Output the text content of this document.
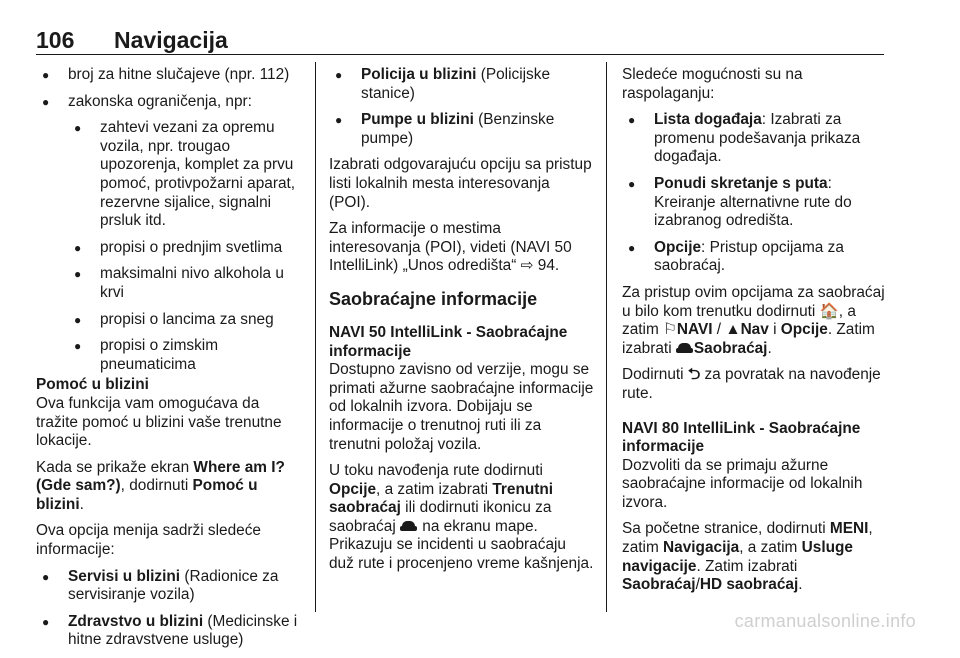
106 Navigacija
● broj za hitne slučajeve (npr. 112)
● zakonska ograničenja, npr:
● zahtevi vezani za opremu vozila, npr. trougao upozorenja, komplet za prvu pomoć, protivpožarni aparat, rezervne sijalice, signalni prsluk itd.
● propisi o prednjim svetlima
● maksimalni nivo alkohola u krvi
● propisi o lancima za sneg
● propisi o zimskim pneumaticima

Pomoć u blizini

Ova funkcija vam omogućava da tražite pomoć u blizini vaše trenutne lokacije.

Kada se prikaže ekran Where am I? (Gde sam?), dodirnuti Pomoć u blizini.

Ova opcija menija sadrži sledeće informacije:

● Servisi u blizini (Radionice za servisiranje vozila)
● Zdravstvo u blizini (Medicinske i hitne zdravstvene usluge)
● Policija u blizini (Policijske stanice)
● Pumpe u blizini (Benzinske pumpe)

Izabrati odgovarajuću opciju sa pristup listi lokalnih mesta interesovanja (POI).

Za informacije o mestima interesovanja (POI), videti (NAVI 50 IntelliLink) „Unos odredišta“ ⇨ 94.

Saobraćajne informacije

NAVI 50 IntelliLink - Saobraćajne informacije

Dostupno zavisno od verzije, mogu se primati ažurne saobraćajne informacije od lokalnih izvora. Dobijaju se informacije o trenutnoj ruti ili za trenutni položaj vozila.

U toku navođenja rute dodirnuti Opcije, a zatim izabrati Trenutni saobraćaj ili dodirnuti ikonicu za saobraćaj  na ekranu mape. Prikazuju se incidenti u saobraćaju duž rute i procenjeno vreme kašnjenja.

Sledeće mogućnosti su na raspolaganju:

● Lista događaja: Izabrati za promenu podešavanja prikaza događaja.
● Ponudi skretanje s puta: Kreiranje alternativne rute do izabranog odredišta.
● Opcije: Pristup opcijama za saobraćaj.

Za pristup ovim opcijama za saobraćaj u bilo kom trenutku dodirnuti 🏠, a zatim ⚐NAVI / ▲Nav i Opcije. Zatim izabrati Saobraćaj.

Dodirnuti ⮌ za povratak na navođenje rute.

NAVI 80 IntelliLink - Saobraćajne informacije

Dozvoliti da se primaju ažurne saobraćajne informacije od lokalnih izvora.

Sa početne stranice, dodirnuti MENI, zatim Navigacija, a zatim Usluge navigacije. Zatim izabrati Saobraćaj/HD saobraćaj.

carmanualsonline.info
